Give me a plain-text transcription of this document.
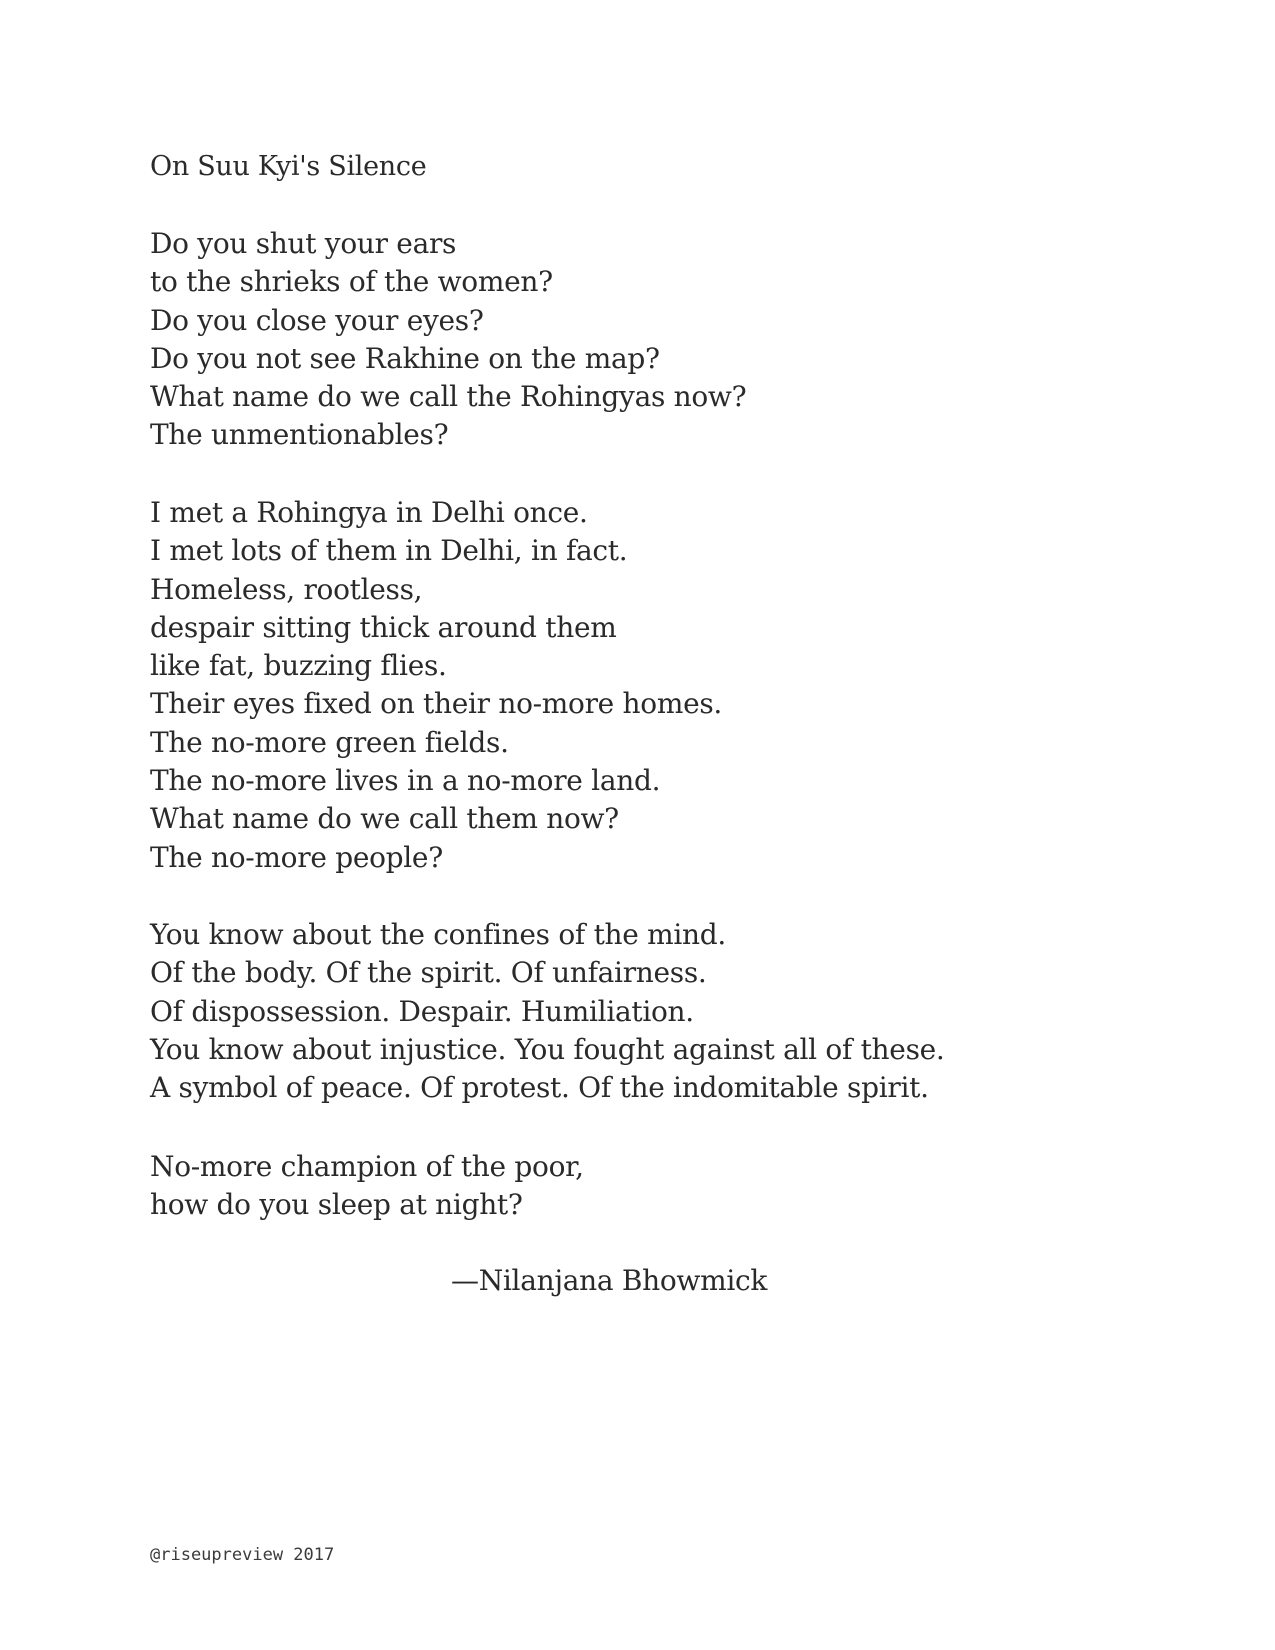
On Suu Kyi's Silence
Do you shut your ears
to the shrieks of the women?
Do you close your eyes?
Do you not see Rakhine on the map?
What name do we call the Rohingyas now?
The unmentionables?
I met a Rohingya in Delhi once.
I met lots of them in Delhi, in fact.
Homeless, rootless,
despair sitting thick around them
like fat, buzzing flies.
Their eyes fixed on their no-more homes.
The no-more green fields.
The no-more lives in a no-more land.
What name do we call them now?
The no-more people?
You know about the confines of the mind.
Of the body. Of the spirit. Of unfairness.
Of dispossession. Despair. Humiliation.
You know about injustice. You fought against all of these.
A symbol of peace. Of protest. Of the indomitable spirit.
No-more champion of the poor,
how do you sleep at night?
—Nilanjana Bhowmick
@riseupreview 2017
